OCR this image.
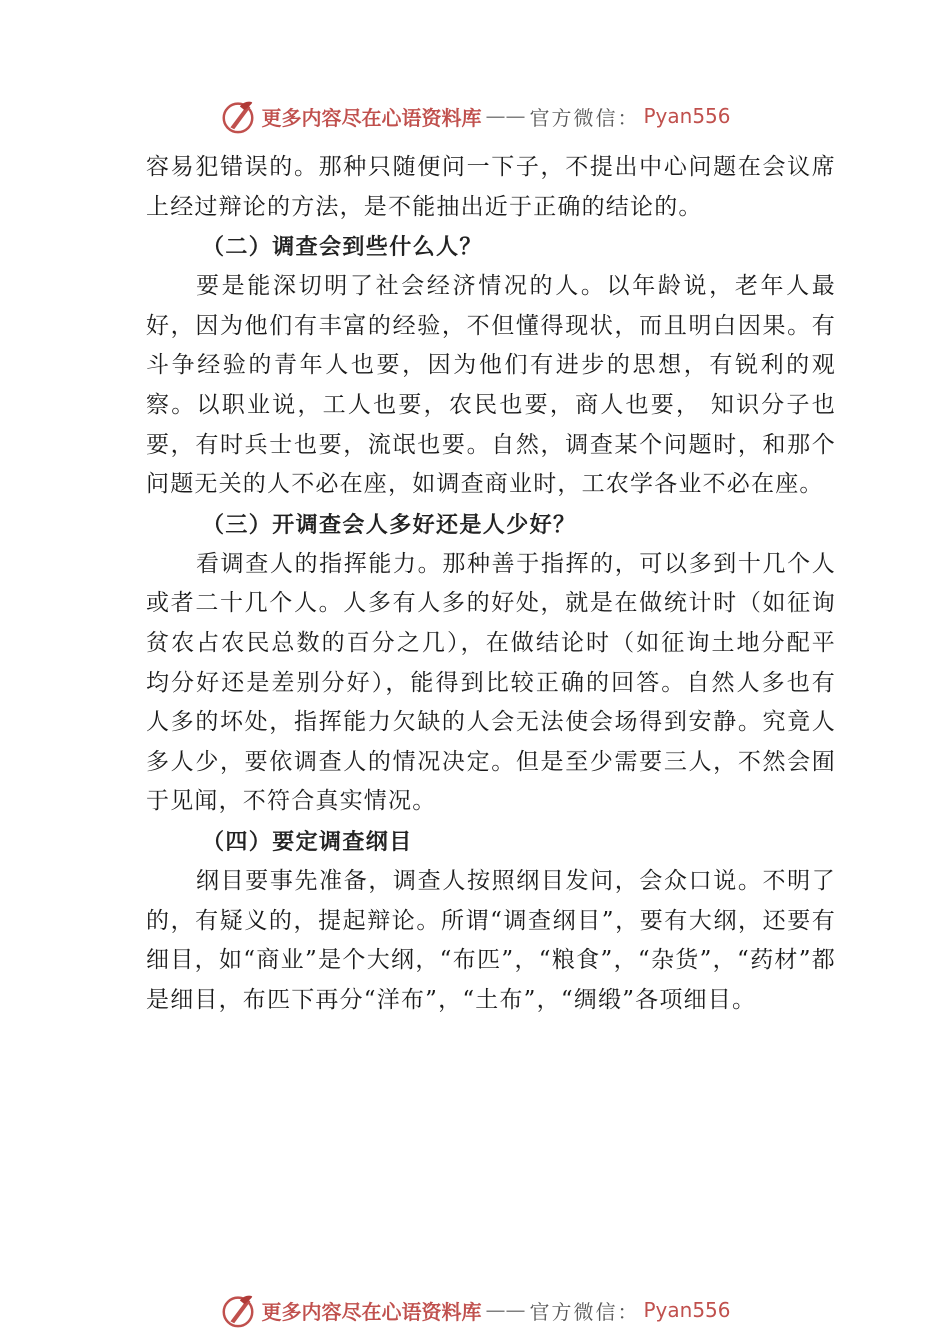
更多内容尽在心语资料库 —— 官方微信： Pyan556

容易犯错误的。那种只随便问一下子，不提出中心问题在会议席上经过辩论的方法，是不能抽出近于正确的结论的。

（二）调查会到些什么人？

要是能深切明了社会经济情况的人。以年龄说，老年人最好，因为他们有丰富的经验，不但懂得现状，而且明白因果。有斗争经验的青年人也要，因为他们有进步的思想，有锐利的观察。以职业说，工人也要，农民也要，商人也要， 知识分子也要，有时兵士也要，流氓也要。自然，调查某个问题时，和那个问题无关的人不必在座，如调查商业时，工农学各业不必在座。

（三）开调查会人多好还是人少好？

看调查人的指挥能力。那种善于指挥的，可以多到十几个人或者二十几个人。人多有人多的好处，就是在做统计时（如征询贫农占农民总数的百分之几），在做结论时（如征询土地分配平均分好还是差别分好），能得到比较正确的回答。自然人多也有人多的坏处，指挥能力欠缺的人会无法使会场得到安静。究竟人多人少，要依调查人的情况决定。但是至少需要三人，不然会囿于见闻，不符合真实情况。

（四）要定调查纲目

纲目要事先准备，调查人按照纲目发问，会众口说。不明了的，有疑义的，提起辩论。所谓“调查纲目”，要有大纲，还要有细目，如“商业”是个大纲，“布匹”，“粮食”，“杂货”，“药材”都是细目，布匹下再分“洋布”，“土布”，“绸缎”各项细目。

更多内容尽在心语资料库 —— 官方微信： Pyan556
